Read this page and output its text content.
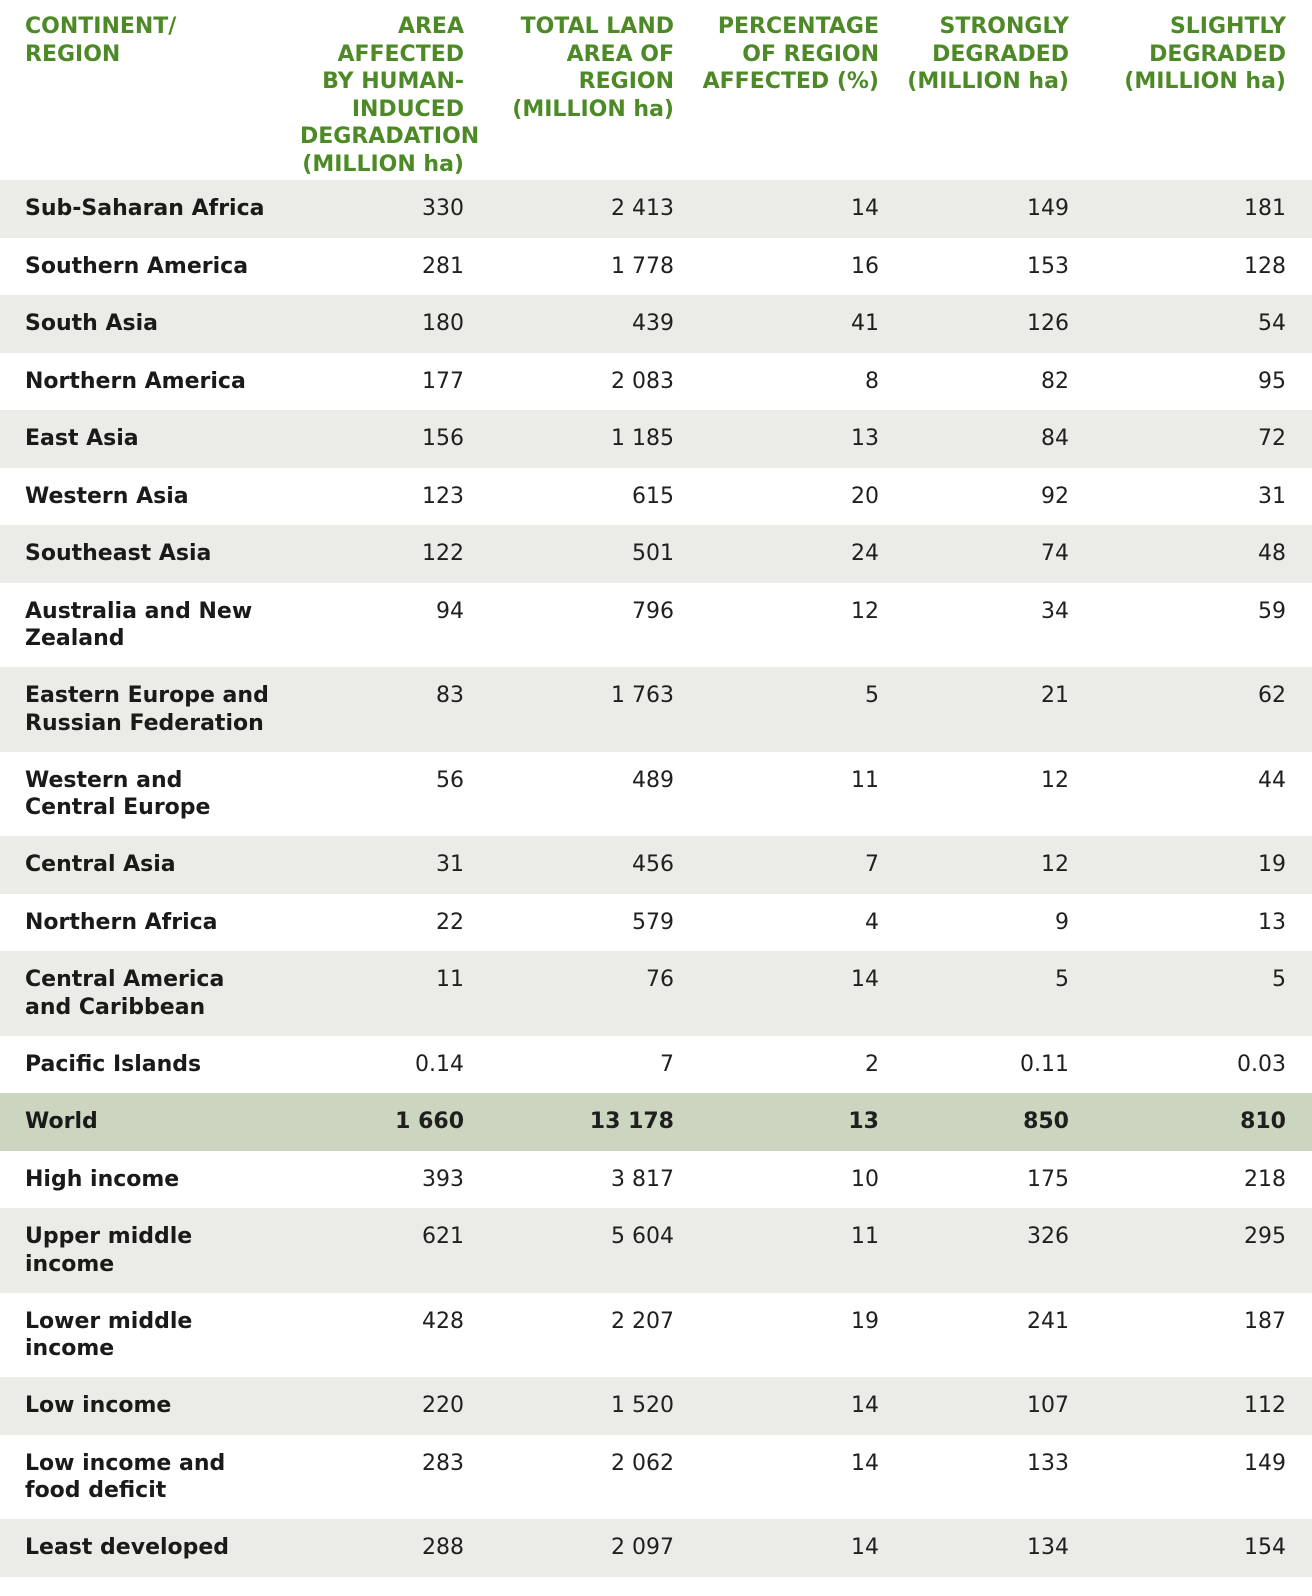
CONTINENT/ REGION	AREA AFFECTED BY HUMAN-INDUCED DEGRADATION (MILLION ha)	TOTAL LAND AREA OF REGION (MILLION ha)	PERCENTAGE OF REGION AFFECTED (%)	STRONGLY DEGRADED (MILLION ha)	SLIGHTLY DEGRADED (MILLION ha)
Sub-Saharan Africa	330	2 413	14	149	181
Southern America	281	1 778	16	153	128
South Asia	180	439	41	126	54
Northern America	177	2 083	8	82	95
East Asia	156	1 185	13	84	72
Western Asia	123	615	20	92	31
Southeast Asia	122	501	24	74	48
Australia and New Zealand	94	796	12	34	59
Eastern Europe and Russian Federation	83	1 763	5	21	62
Western and Central Europe	56	489	11	12	44
Central Asia	31	456	7	12	19
Northern Africa	22	579	4	9	13
Central America and Caribbean	11	76	14	5	5
Pacific Islands	0.14	7	2	0.11	0.03
World	1 660	13 178	13	850	810
High income	393	3 817	10	175	218
Upper middle income	621	5 604	11	326	295
Lower middle income	428	2 207	19	241	187
Low income	220	1 520	14	107	112
Low income and food deficit	283	2 062	14	133	149
Least developed	288	2 097	14	134	154
